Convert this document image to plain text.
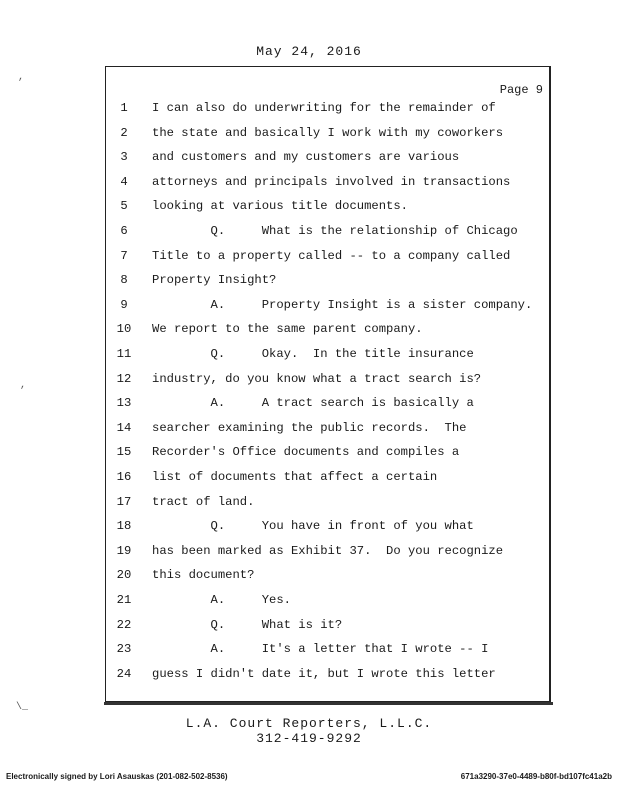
May 24, 2016
,
,
\_
Page 9
1	I can also do underwriting for the remainder of
2	the state and basically I work with my coworkers
3	and customers and my customers are various
4	attorneys and principals involved in transactions
5	looking at various title documents.
6	Q.     What is the relationship of Chicago
7	Title to a property called -- to a company called
8	Property Insight?
9	A.     Property Insight is a sister company.
10 We report to the same parent company.
11 Q.     Okay.  In the title insurance
12 industry, do you know what a tract search is?
13 A.     A tract search is basically a
14 searcher examining the public records.  The
15 Recorder's Office documents and compiles a
16 list of documents that affect a certain
17 tract of land.
18 Q.     You have in front of you what
19 has been marked as Exhibit 37.  Do you recognize
20 this document?
21 A.     Yes.
22 Q.     What is it?
23 A.     It's a letter that I wrote -- I
24 guess I didn't date it, but I wrote this letter
L.A. Court Reporters, L.L.C.
312-419-9292
Electronically signed by Lori Asauskas (201-082-502-8536)	671a3290-37e0-4489-b80f-bd107fc41a2b
